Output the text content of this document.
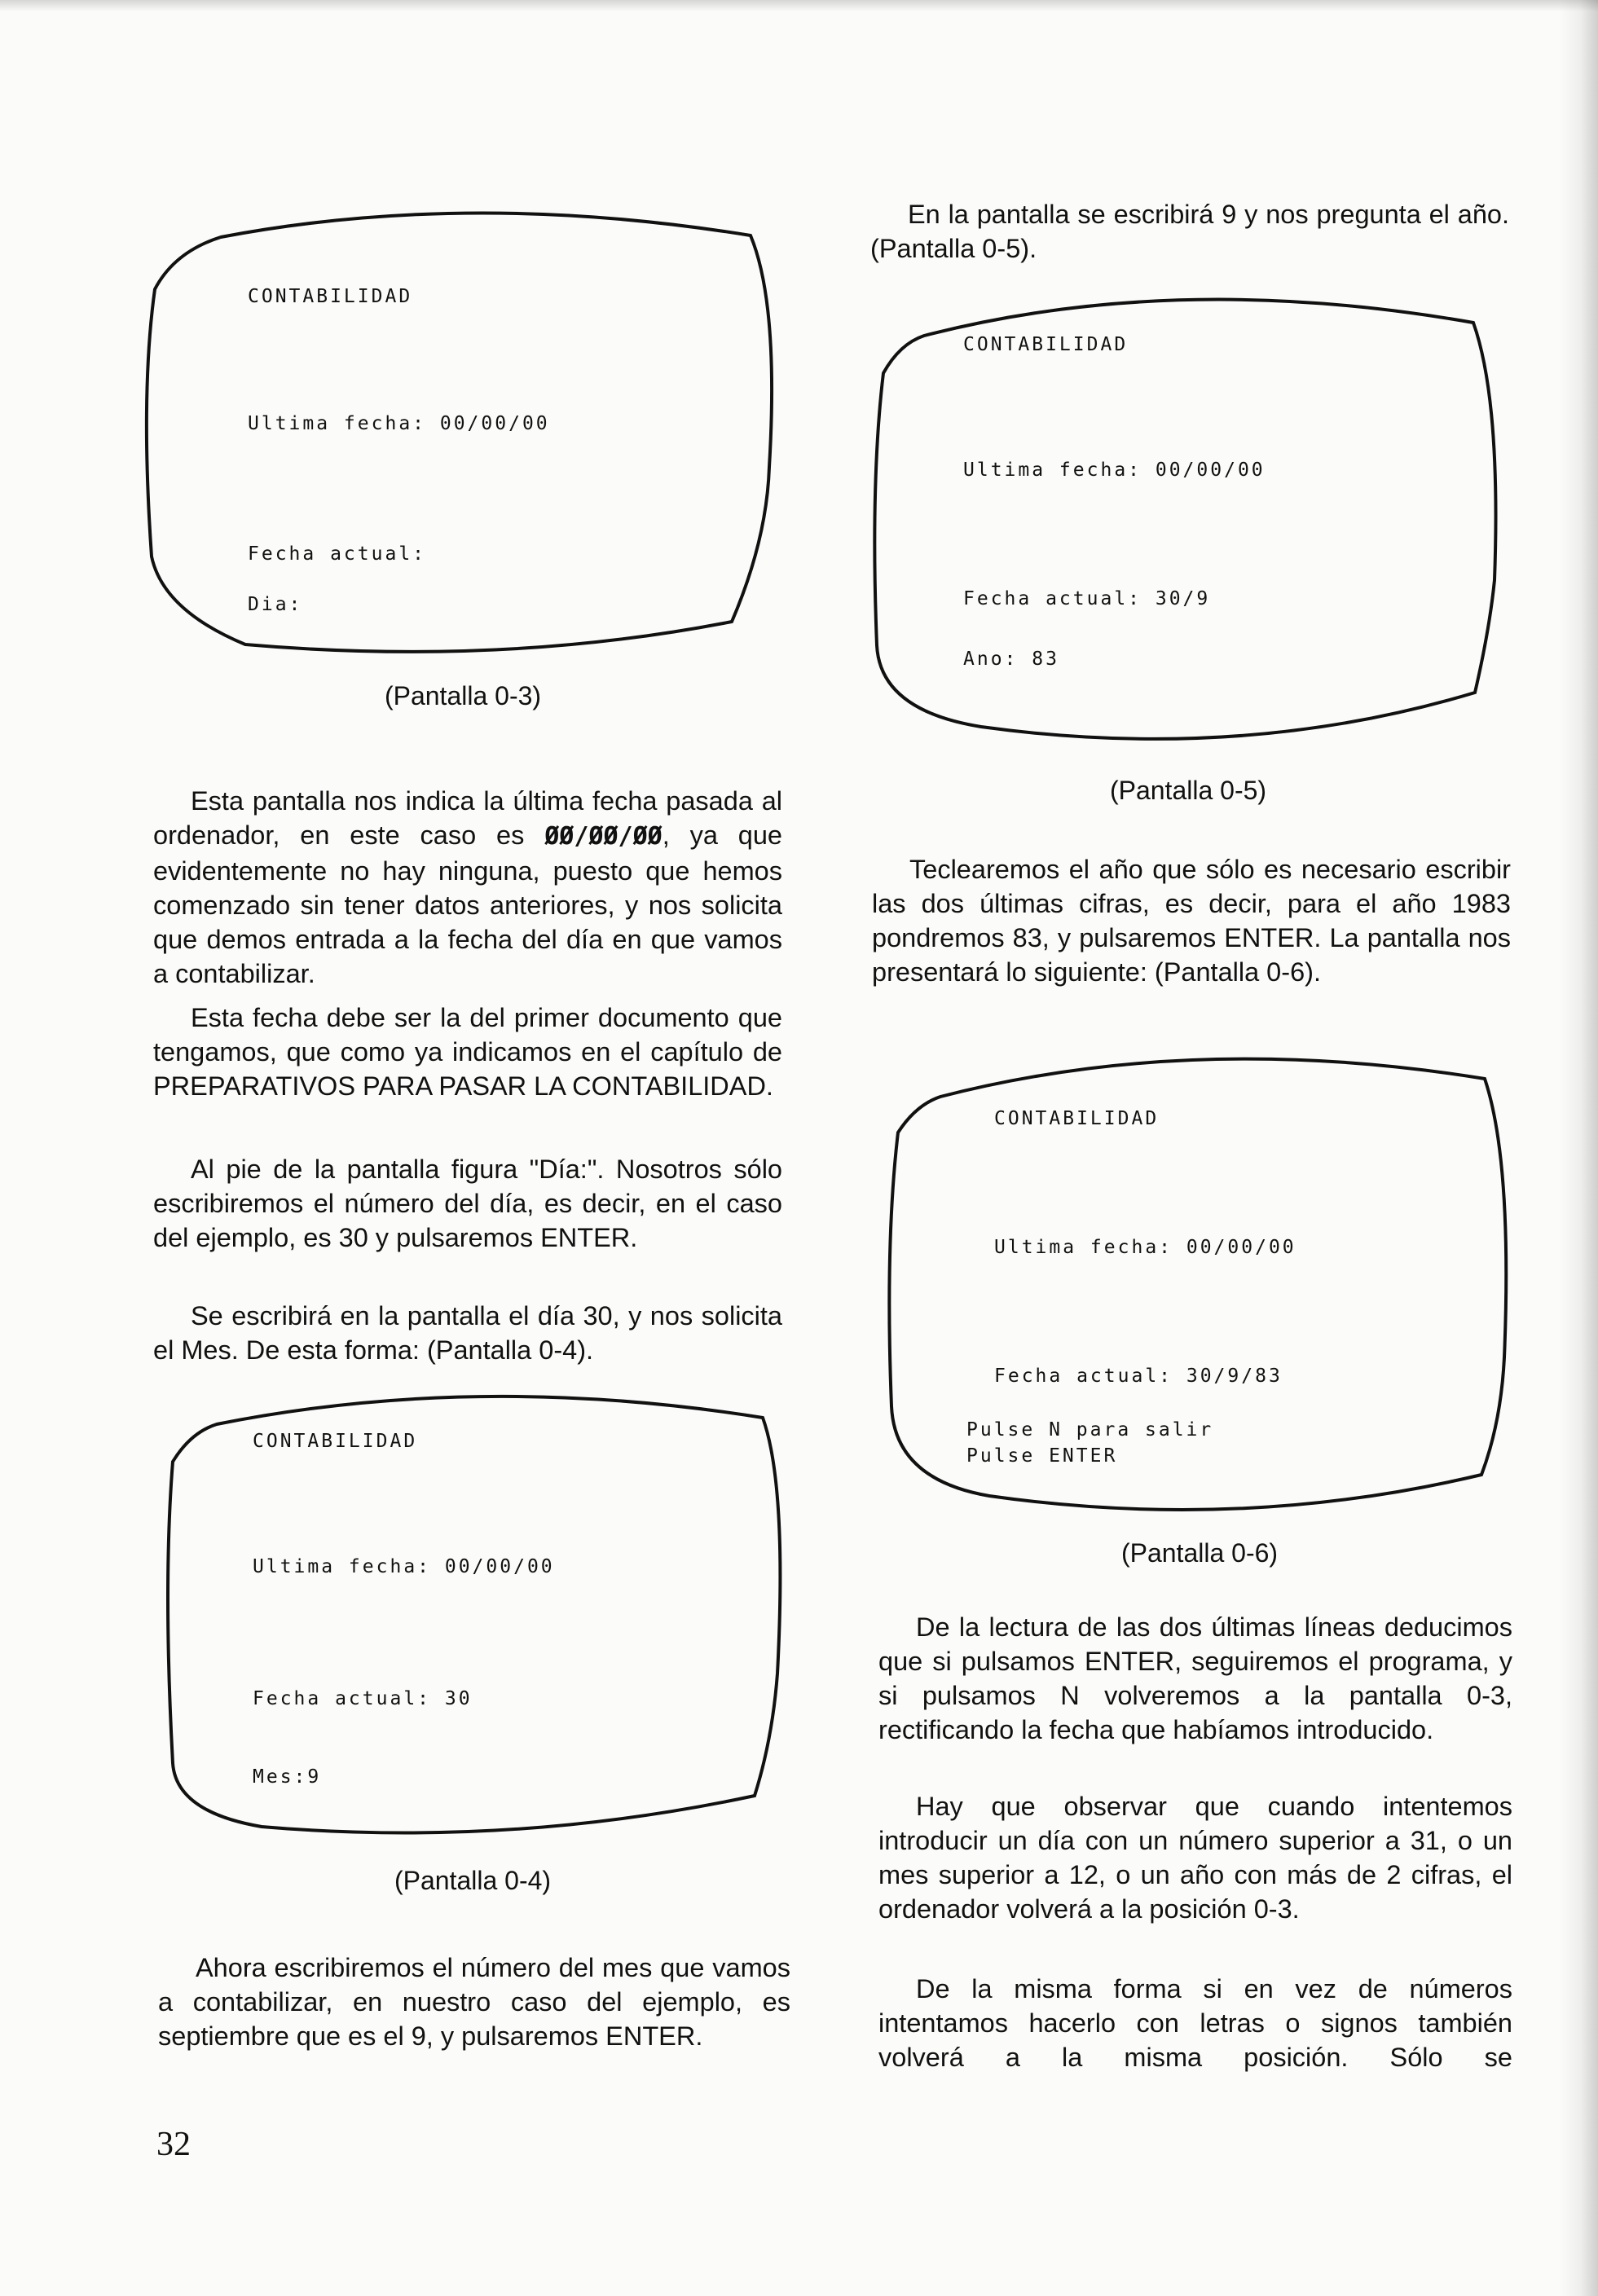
CONTABILIDAD

Ultima fecha: 00/00/00

Fecha actual:

Dia:

(Pantalla 0-3)

Esta pantalla nos indica la última fecha pasada al ordenador, en este caso es ØØ/ØØ/ØØ, ya que evidentemente no hay ninguna, puesto que hemos comenzado sin tener datos anteriores, y nos solicita que demos entrada a la fecha del día en que vamos a contabilizar.

Esta fecha debe ser la del primer documento que tengamos, que como ya indicamos en el capítulo de PREPARATIVOS PARA PASAR LA CONTABILIDAD.

Al pie de la pantalla figura "Día:". Nosotros sólo escribiremos el número del día, es decir, en el caso del ejemplo, es 30 y pulsaremos ENTER.

Se escribirá en la pantalla el día 30, y nos solicita el Mes. De esta forma: (Pantalla 0-4).

CONTABILIDAD

Ultima fecha: 00/00/00

Fecha actual: 30

Mes:9

(Pantalla 0-4)

Ahora escribiremos el número del mes que vamos a contabilizar, en nuestro caso del ejemplo, es septiembre que es el 9, y pulsaremos ENTER.

32

En la pantalla se escribirá 9 y nos pregunta el año. (Pantalla 0-5).

CONTABILIDAD

Ultima fecha: 00/00/00

Fecha actual: 30/9

Ano: 83

(Pantalla 0-5)

Teclearemos el año que sólo es necesario escribir las dos últimas cifras, es decir, para el año 1983 pondremos 83, y pulsaremos ENTER. La pantalla nos presentará lo siguiente: (Pantalla 0-6).

CONTABILIDAD

Ultima fecha: 00/00/00

Fecha actual: 30/9/83

Pulse N para salir

Pulse ENTER

(Pantalla 0-6)

De la lectura de las dos últimas líneas deducimos que si pulsamos ENTER, seguiremos el programa, y si pulsamos N volveremos a la pantalla 0-3, rectificando la fecha que habíamos introducido.

Hay que observar que cuando intentemos introducir un día con un número superior a 31, o un mes superior a 12, o un año con más de 2 cifras, el ordenador volverá a la posición 0-3.

De la misma forma si en vez de números intentamos hacerlo con letras o signos también volverá a la misma posición. Sólo se
